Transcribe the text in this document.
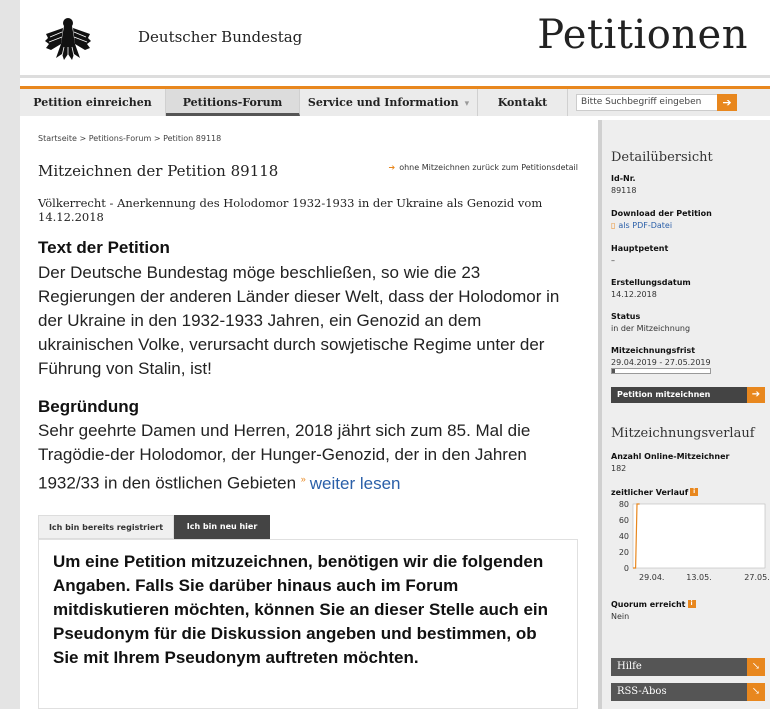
Deutscher Bundestag	Petitionen
Petition einreichen	Petitions-Forum	Service und Information ▾	Kontakt	Bitte Suchbegriff eingeben	➔
Startseite > Petitions-Forum > Petition 89118
Mitzeichnen der Petition 89118	➔ ohne Mitzeichnen zurück zum Petitionsdetail
Völkerrecht - Anerkennung des Holodomor 1932-1933 in der Ukraine als Genozid vom 14.12.2018
Text der Petition
Der Deutsche Bundestag möge beschließen, so wie die 23 Regierungen der anderen Länder dieser Welt, dass der Holodomor in der Ukraine in den 1932-1933 Jahren, ein Genozid an dem ukrainischen Volke, verursacht durch sowjetische Regime unter der Führung von Stalin, ist!
Begründung
Sehr geehrte Damen und Herren, 2018 jährt sich zum 85. Mal die Tragödie-der Holodomor, der Hunger-Genozid, der in den Jahren 1932/33 in den östlichen Gebieten » weiter lesen
Ich bin bereits registriert	Ich bin neu hier

Um eine Petition mitzuzeichnen, benötigen wir die folgenden Angaben. Falls Sie darüber hinaus auch im Forum mitdiskutieren möchten, können Sie an dieser Stelle auch ein Pseudonym für die Diskussion angeben und bestimmen, ob Sie mit Ihrem Pseudonym auftreten möchten.

Detailübersicht
Id-Nr.
89118
Download der Petition
▯ als PDF-Datei
Hauptpetent
–
Erstellungsdatum
14.12.2018
Status
in der Mitzeichnung
Mitzeichnungsfrist
29.04.2019 - 27.05.2019
Petition mitzeichnen	➔
Mitzeichnungsverlauf
Anzahl Online-Mitzeichner
182
zeitlicher Verlauf i
0
20
40
60
80
29.04.	13.05.	27.05.
Quorum erreicht i
Nein
Hilfe	↘
RSS-Abos	↘
